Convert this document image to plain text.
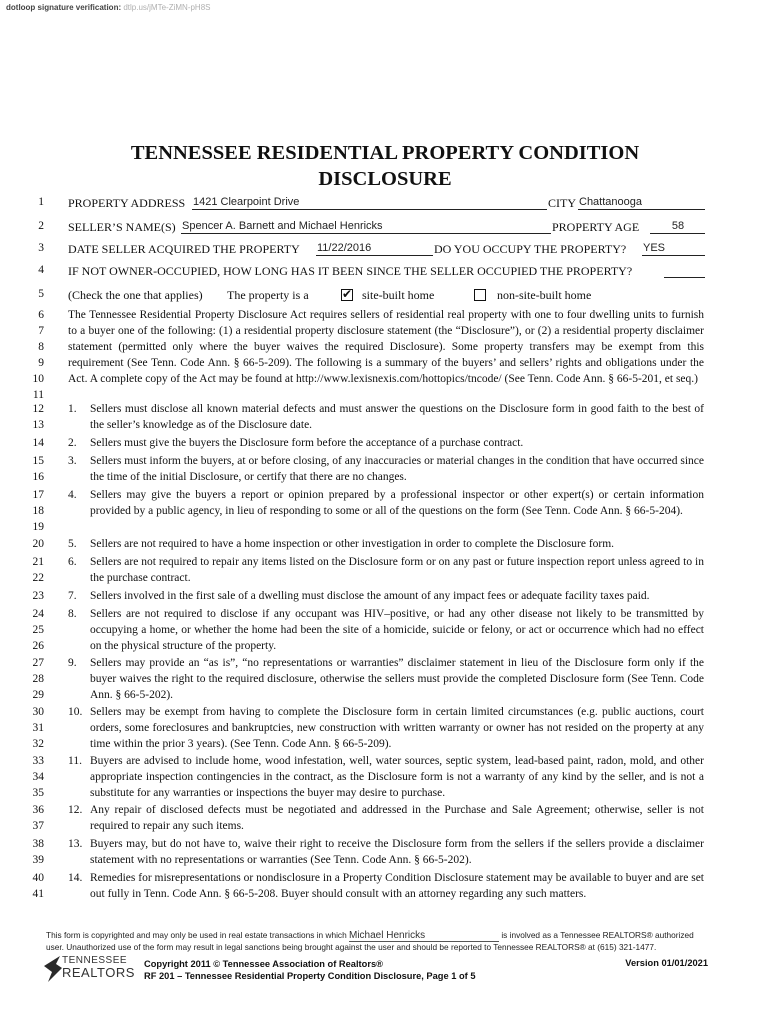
dotloop signature verification: dtlp.us/jMTe-ZiMN-pH8S
TENNESSEE RESIDENTIAL PROPERTY CONDITION
DISCLOSURE
1 PROPERTY ADDRESS 1421 Clearpoint Drive	CITY Chattanooga
2 SELLER’S NAME(S) Spencer A. Barnett and Michael Henricks	PROPERTY AGE	58
3 DATE SELLER ACQUIRED THE PROPERTY 11/22/2016	DO YOU OCCUPY THE PROPERTY? YES
4 IF NOT OWNER-OCCUPIED, HOW LONG HAS IT BEEN SINCE THE SELLER OCCUPIED THE PROPERTY?
5 (Check the one that applies) The property is a	✔ site-built home	non-site-built home
6
7
8
9
10
11
The Tennessee Residential Property Disclosure Act requires sellers of residential real property with one to four dwelling units to furnish to a buyer one of the following: (1) a residential property disclosure statement (the “Disclosure”), or (2) a residential property disclaimer statement (permitted only where the buyer waives the required Disclosure). Some property transfers may be exempt from this requirement (See Tenn. Code Ann. § 66-5-209). The following is a summary of the buyers’ and sellers’ rights and obligations under the Act. A complete copy of the Act may be found at http://www.lexisnexis.com/hottopics/tncode/ (See Tenn. Code Ann. § 66-5-201, et seq.)
12
13
1. Sellers must disclose all known material defects and must answer the questions on the Disclosure form in good faith to the best of the seller’s knowledge as of the Disclosure date.
14 2. Sellers must give the buyers the Disclosure form before the acceptance of a purchase contract.
15
16
3. Sellers must inform the buyers, at or before closing, of any inaccuracies or material changes in the condition that have occurred since the time of the initial Disclosure, or certify that there are no changes.
17
18
19
4. Sellers may give the buyers a report or opinion prepared by a professional inspector or other expert(s) or certain information provided by a public agency, in lieu of responding to some or all of the questions on the form (See Tenn. Code Ann. § 66-5-204).
20 5. Sellers are not required to have a home inspection or other investigation in order to complete the Disclosure form.
21
22
6. Sellers are not required to repair any items listed on the Disclosure form or on any past or future inspection report unless agreed to in the purchase contract.
23 7. Sellers involved in the first sale of a dwelling must disclose the amount of any impact fees or adequate facility taxes paid.
24
25
26
8. Sellers are not required to disclose if any occupant was HIV–positive, or had any other disease not likely to be transmitted by occupying a home, or whether the home had been the site of a homicide, suicide or felony, or act or occurrence which had no effect on the physical structure of the property.
27
28
29
9. Sellers may provide an “as is”, “no representations or warranties” disclaimer statement in lieu of the Disclosure form only if the buyer waives the right to the required disclosure, otherwise the sellers must provide the completed Disclosure form (See Tenn. Code Ann. § 66-5-202).
30
31
32
10. Sellers may be exempt from having to complete the Disclosure form in certain limited circumstances (e.g. public auctions, court orders, some foreclosures and bankruptcies, new construction with written warranty or owner has not resided on the property at any time within the prior 3 years). (See Tenn. Code Ann. § 66-5-209).
33
34
35
11. Buyers are advised to include home, wood infestation, well, water sources, septic system, lead-based paint, radon, mold, and other appropriate inspection contingencies in the contract, as the Disclosure form is not a warranty of any kind by the seller, and is not a substitute for any warranties or inspections the buyer may desire to purchase.
36
37
12. Any repair of disclosed defects must be negotiated and addressed in the Purchase and Sale Agreement; otherwise, seller is not required to repair any such items.
38
39
13. Buyers may, but do not have to, waive their right to receive the Disclosure form from the sellers if the sellers provide a disclaimer statement with no representations or warranties (See Tenn. Code Ann. § 66-5-202).
40
41
14. Remedies for misrepresentations or nondisclosure in a Property Condition Disclosure statement may be available to buyer and are set out fully in Tenn. Code Ann. § 66-5-208. Buyer should consult with an attorney regarding any such matters.
This form is copyrighted and may only be used in real estate transactions in which Michael Henricks	is involved as a Tennessee REALTORS® authorized
user. Unauthorized use of the form may result in legal sanctions being brought against the user and should be reported to Tennessee REALTORS® at (615) 321-1477.
TENNESSEE
REALTORS
Copyright 2011 © Tennessee Association of Realtors®
RF 201 – Tennessee Residential Property Condition Disclosure, Page 1 of 5
Version 01/01/2021
